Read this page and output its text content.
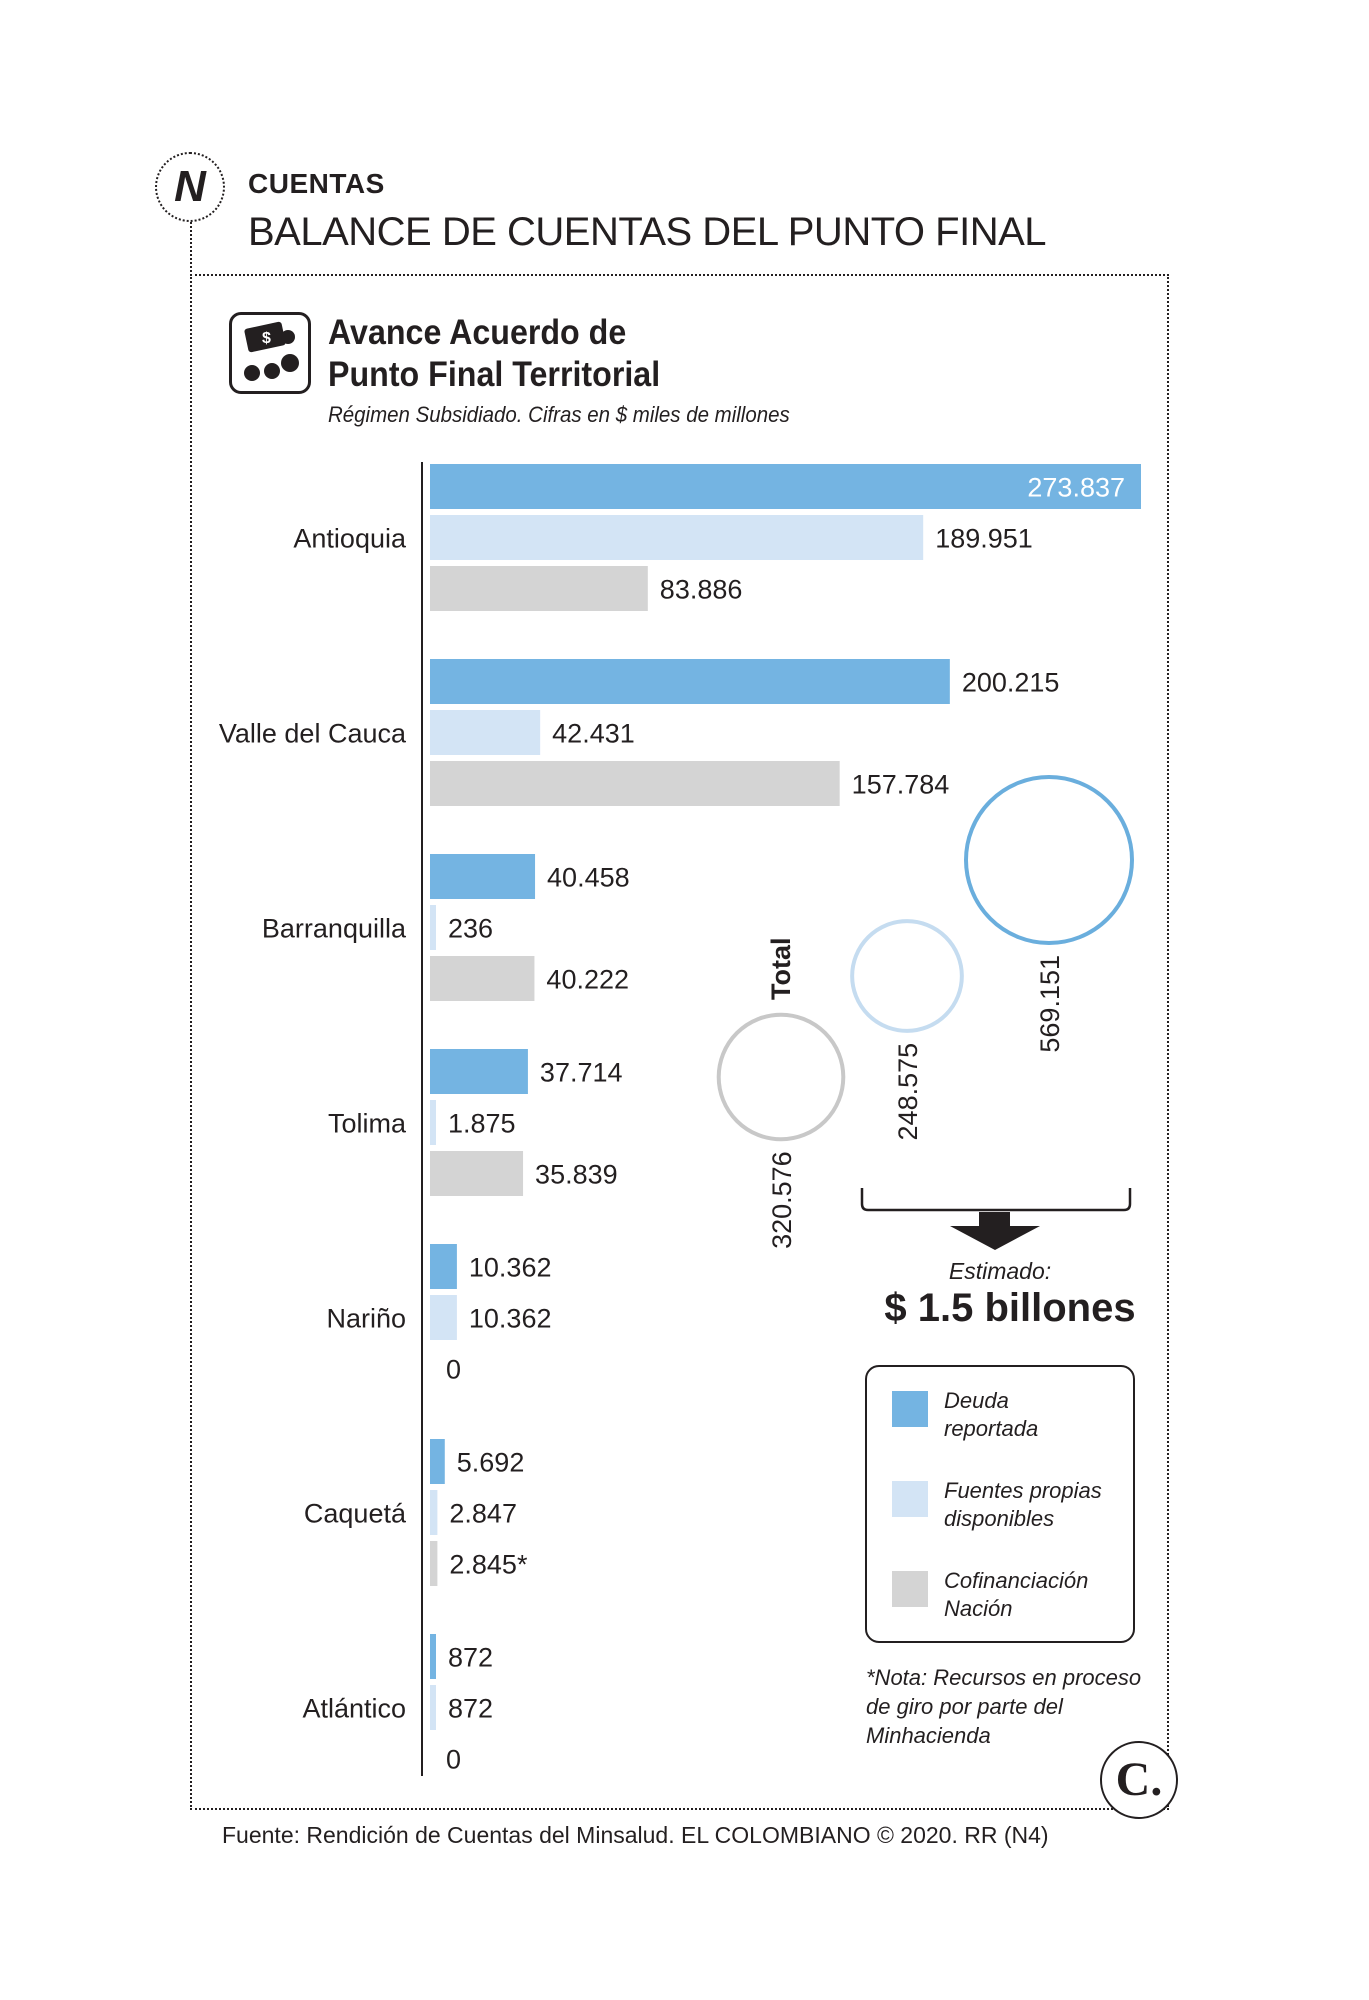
N	CUENTAS
BALANCE DE CUENTAS DEL PUNTO FINAL
$ Avance Acuerdo de
Punto Final Territorial
Régimen Subsidiado. Cifras en $ miles de millones
Antioquia
273.837
189.951
83.886
Valle del Cauca
200.215
42.431
157.784
Barranquilla
40.458
236
40.222
Tolima
37.714
1.875
35.839
Nariño
10.362
10.362
0
Caquetá
5.692
2.847
2.845*
Atlántico
872
872
0
320.576
248.575
569.151
Total
Estimado:
$ 1.5 billones
Deuda
reportada
Fuentes propias
disponibles
Cofinanciación
Nación
*Nota: Recursos en proceso de giro por parte del Minhacienda
C.
Fuente: Rendición de Cuentas del Minsalud. EL COLOMBIANO © 2020. RR (N4)
